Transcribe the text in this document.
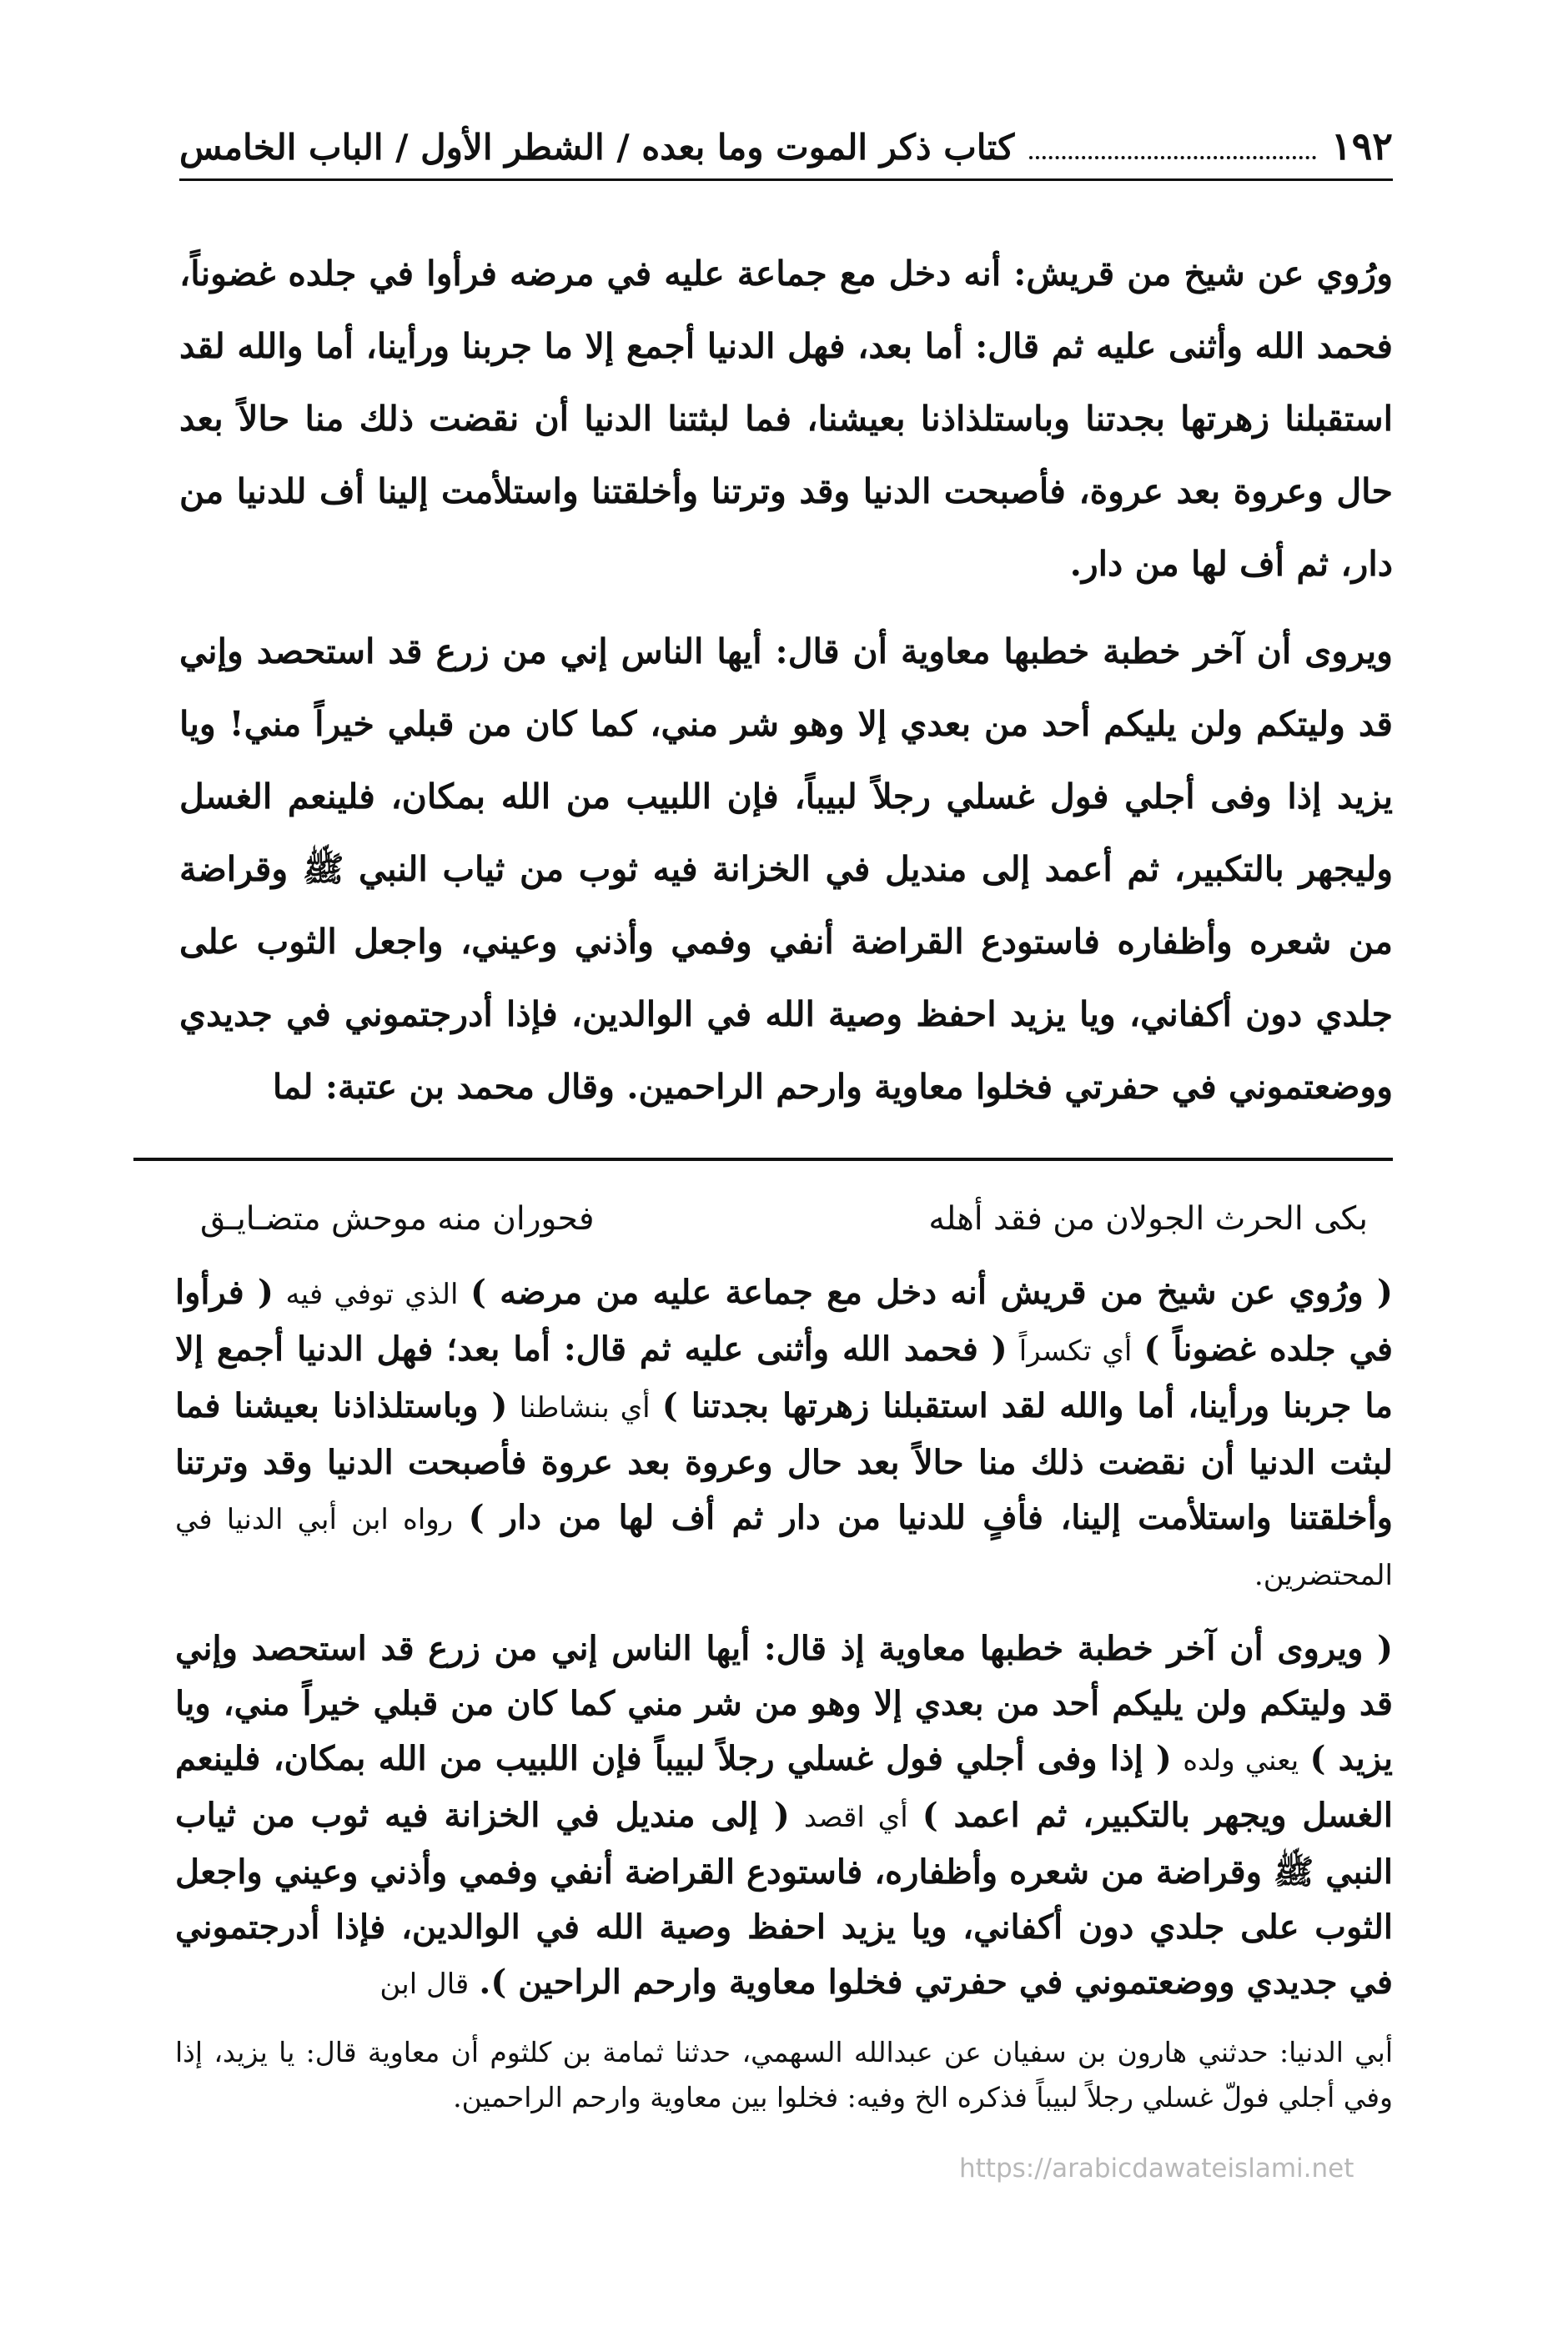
١٩٢
كتاب ذكر الموت وما بعده / الشطر الأول / الباب الخامس

ورُوي عن شيخ من قريش: أنه دخل مع جماعة عليه في مرضه فرأوا في جلده غضوناً، فحمد الله وأثنى عليه ثم قال: أما بعد، فهل الدنيا أجمع إلا ما جربنا ورأينا، أما والله لقد استقبلنا زهرتها بجدتنا وباستلذاذنا بعيشنا، فما لبثتنا الدنيا أن نقضت ذلك منا حالاً بعد حال وعروة بعد عروة، فأصبحت الدنيا وقد وترتنا وأخلقتنا واستلأمت إلينا أف للدنيا من دار، ثم أف لها من دار.

ويروى أن آخر خطبة خطبها معاوية أن قال: أيها الناس إني من زرع قد استحصد وإني قد وليتكم ولن يليكم أحد من بعدي إلا وهو شر مني، كما كان من قبلي خيراً مني! ويا يزيد إذا وفى أجلي فول غسلي رجلاً لبيباً، فإن اللبيب من الله بمكان، فلينعم الغسل وليجهر بالتكبير، ثم أعمد إلى منديل في الخزانة فيه ثوب من ثياب النبي ﷺ وقراضة من شعره وأظفاره فاستودع القراضة أنفي وفمي وأذني وعيني، واجعل الثوب على جلدي دون أكفاني، ويا يزيد احفظ وصية الله في الوالدين، فإذا أدرجتموني في جديدي ووضعتموني في حفرتي فخلوا معاوية وارحم الراحمين. وقال محمد بن عتبة: لما

بكى الحرث الجولان من فقد أهله
فحوران منه موحش متضـايـق

( ورُوي عن شيخ من قريش أنه دخل مع جماعة عليه من مرضه ) الذي توفي فيه ( فرأوا في جلده غضوناً ) أي تكسراً ( فحمد الله وأثنى عليه ثم قال: أما بعد؛ فهل الدنيا أجمع إلا ما جربنا ورأينا، أما والله لقد استقبلنا زهرتها بجدتنا ) أي بنشاطنا ( وباستلذاذنا بعيشنا فما لبثت الدنيا أن نقضت ذلك منا حالاً بعد حال وعروة بعد عروة فأصبحت الدنيا وقد وترتنا وأخلقتنا واستلأمت إلينا، فأفٍ للدنيا من دار ثم أف لها من دار ) رواه ابن أبي الدنيا في المحتضرين.

( ويروى أن آخر خطبة خطبها معاوية إذ قال: أيها الناس إني من زرع قد استحصد وإني قد وليتكم ولن يليكم أحد من بعدي إلا وهو من شر مني كما كان من قبلي خيراً مني، ويا يزيد ) يعني ولده ( إذا وفى أجلي فول غسلي رجلاً لبيباً فإن اللبيب من الله بمكان، فلينعم الغسل ويجهر بالتكبير، ثم اعمد ) أي اقصد ( إلى منديل في الخزانة فيه ثوب من ثياب النبي ﷺ وقراضة من شعره وأظفاره، فاستودع القراضة أنفي وفمي وأذني وعيني واجعل الثوب على جلدي دون أكفاني، ويا يزيد احفظ وصية الله في الوالدين، فإذا أدرجتموني في جديدي ووضعتموني في حفرتي فخلوا معاوية وارحم الراحين ). قال ابن

أبي الدنيا: حدثني هارون بن سفيان عن عبدالله السهمي، حدثنا ثمامة بن كلثوم أن معاوية قال: يا يزيد، إذا وفي أجلي فولّ غسلي رجلاً لبيباً فذكره الخ وفيه: فخلوا بين معاوية وارحم الراحمين.

https://arabicdawateislami.net
